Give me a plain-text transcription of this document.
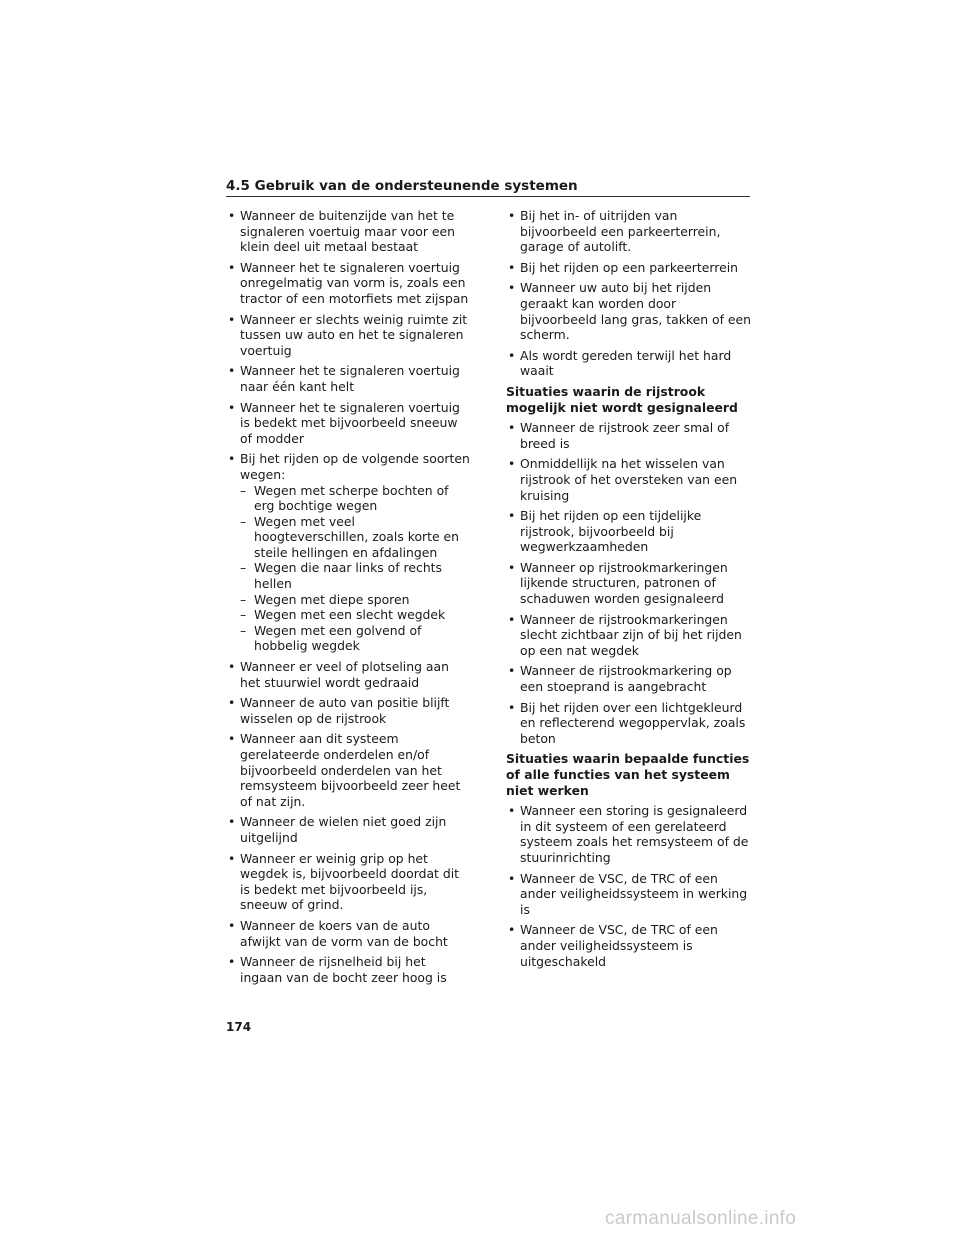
4.5 Gebruik van de ondersteunende systemen
• Wanneer de buitenzijde van het te signaleren voertuig maar voor een klein deel uit metaal bestaat
• Wanneer het te signaleren voertuig onregelmatig van vorm is, zoals een tractor of een motorfiets met zijspan
• Wanneer er slechts weinig ruimte zit tussen uw auto en het te signaleren voertuig
• Wanneer het te signaleren voertuig naar één kant helt
• Wanneer het te signaleren voertuig is bedekt met bijvoorbeeld sneeuw of modder
• Bij het rijden op de volgende soorten wegen:
– Wegen met scherpe bochten of erg bochtige wegen
– Wegen met veel hoogteverschillen, zoals korte en steile hellingen en afdalingen
– Wegen die naar links of rechts hellen
– Wegen met diepe sporen
– Wegen met een slecht wegdek
– Wegen met een golvend of hobbelig wegdek
• Wanneer er veel of plotseling aan het stuurwiel wordt gedraaid
• Wanneer de auto van positie blijft wisselen op de rijstrook
• Wanneer aan dit systeem gerelateerde onderdelen en/of bijvoorbeeld onderdelen van het remsysteem bijvoorbeeld zeer heet of nat zijn.
• Wanneer de wielen niet goed zijn uitgelijnd
• Wanneer er weinig grip op het wegdek is, bijvoorbeeld doordat dit is bedekt met bijvoorbeeld ijs, sneeuw of grind.
• Wanneer de koers van de auto afwijkt van de vorm van de bocht
• Wanneer de rijsnelheid bij het ingaan van de bocht zeer hoog is
• Bij het in- of uitrijden van bijvoorbeeld een parkeerterrein, garage of autolift.
• Bij het rijden op een parkeerterrein
• Wanneer uw auto bij het rijden geraakt kan worden door bijvoorbeeld lang gras, takken of een scherm.
• Als wordt gereden terwijl het hard waait
Situaties waarin de rijstrook mogelijk niet wordt gesignaleerd
• Wanneer de rijstrook zeer smal of breed is
• Onmiddellijk na het wisselen van rijstrook of het oversteken van een kruising
• Bij het rijden op een tijdelijke rijstrook, bijvoorbeeld bij wegwerkzaamheden
• Wanneer op rijstrookmarkeringen lijkende structuren, patronen of schaduwen worden gesignaleerd
• Wanneer de rijstrookmarkeringen slecht zichtbaar zijn of bij het rijden op een nat wegdek
• Wanneer de rijstrookmarkering op een stoeprand is aangebracht
• Bij het rijden over een lichtgekleurd en reflecterend wegoppervlak, zoals beton
Situaties waarin bepaalde functies of alle functies van het systeem niet werken
• Wanneer een storing is gesignaleerd in dit systeem of een gerelateerd systeem zoals het remsysteem of de stuurinrichting
• Wanneer de VSC, de TRC of een ander veiligheidssysteem in werking is
• Wanneer de VSC, de TRC of een ander veiligheidssysteem is uitgeschakeld
174
carmanualsonline.info
